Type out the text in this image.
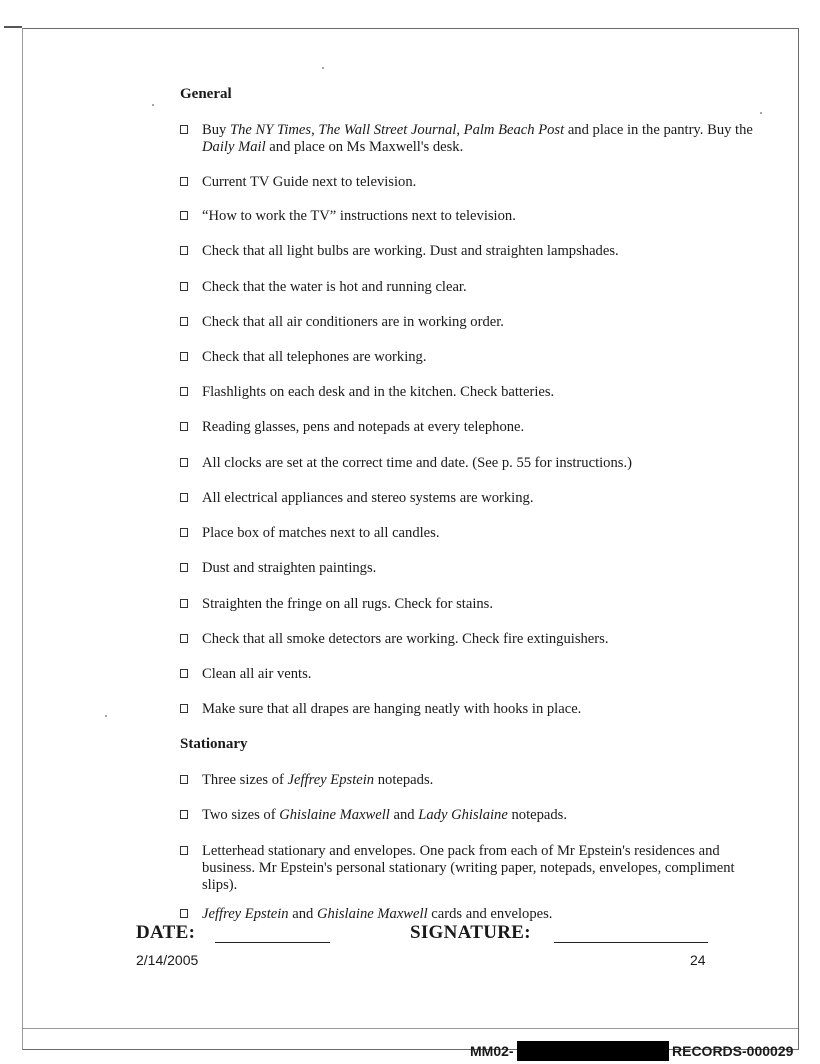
General
Buy The NY Times, The Wall Street Journal, Palm Beach Post and place in the pantry. Buy the Daily Mail and place on Ms Maxwell's desk.
Current TV Guide next to television.
“How to work the TV” instructions next to television.
Check that all light bulbs are working. Dust and straighten lampshades.
Check that the water is hot and running clear.
Check that all air conditioners are in working order.
Check that all telephones are working.
Flashlights on each desk and in the kitchen. Check batteries.
Reading glasses, pens and notepads at every telephone.
All clocks are set at the correct time and date. (See p. 55 for instructions.)
All electrical appliances and stereo systems are working.
Place box of matches next to all candles.
Dust and straighten paintings.
Straighten the fringe on all rugs. Check for stains.
Check that all smoke detectors are working. Check fire extinguishers.
Clean all air vents.
Make sure that all drapes are hanging neatly with hooks in place.
Stationary
Three sizes of Jeffrey Epstein notepads.
Two sizes of Ghislaine Maxwell and Lady Ghislaine notepads.
Letterhead stationary and envelopes. One pack from each of Mr Epstein's residences and business. Mr Epstein's personal stationary (writing paper, notepads, envelopes, compliment slips).
Jeffrey Epstein and Ghislaine Maxwell cards and envelopes.
DATE:	SIGNATURE:
2/14/2005	24
MM02-	RECORDS-000029
